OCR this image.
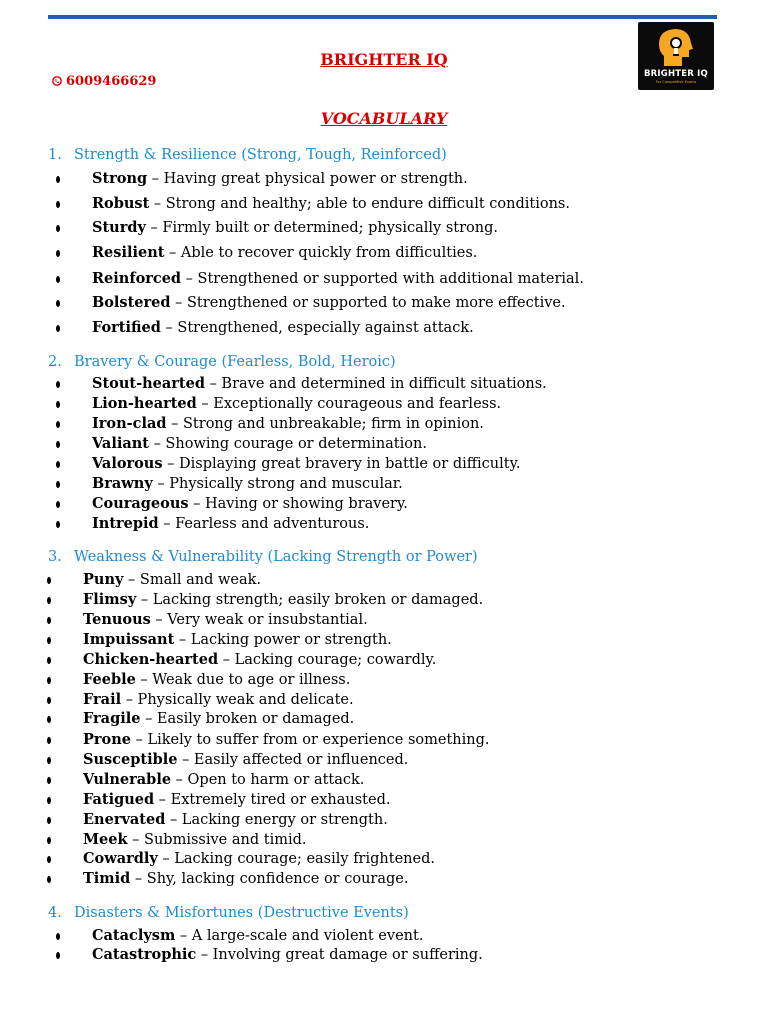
BRIGHTER IQ
6009466629	BRIGHTER IQ
For Competitive Exams
VOCABULARY
1. Strength & Resilience (Strong, Tough, Reinforced)
Strong – Having great physical power or strength.
Robust – Strong and healthy; able to endure difficult conditions.
Sturdy – Firmly built or determined; physically strong.
Resilient – Able to recover quickly from difficulties.
Reinforced – Strengthened or supported with additional material.
Bolstered – Strengthened or supported to make more effective.
Fortified – Strengthened, especially against attack.
2. Bravery & Courage (Fearless, Bold, Heroic)
Stout-hearted – Brave and determined in difficult situations.
Lion-hearted – Exceptionally courageous and fearless.
Iron-clad – Strong and unbreakable; firm in opinion.
Valiant – Showing courage or determination.
Valorous – Displaying great bravery in battle or difficulty.
Brawny – Physically strong and muscular.
Courageous – Having or showing bravery.
Intrepid – Fearless and adventurous.
3. Weakness & Vulnerability (Lacking Strength or Power)
Puny – Small and weak.
Flimsy – Lacking strength; easily broken or damaged.
Tenuous – Very weak or insubstantial.
Impuissant – Lacking power or strength.
Chicken-hearted – Lacking courage; cowardly.
Feeble – Weak due to age or illness.
Frail – Physically weak and delicate.
Fragile – Easily broken or damaged.
Prone – Likely to suffer from or experience something.
Susceptible – Easily affected or influenced.
Vulnerable – Open to harm or attack.
Fatigued – Extremely tired or exhausted.
Enervated – Lacking energy or strength.
Meek – Submissive and timid.
Cowardly – Lacking courage; easily frightened.
Timid – Shy, lacking confidence or courage.
4. Disasters & Misfortunes (Destructive Events)
Cataclysm – A large-scale and violent event.
Catastrophic – Involving great damage or suffering.
